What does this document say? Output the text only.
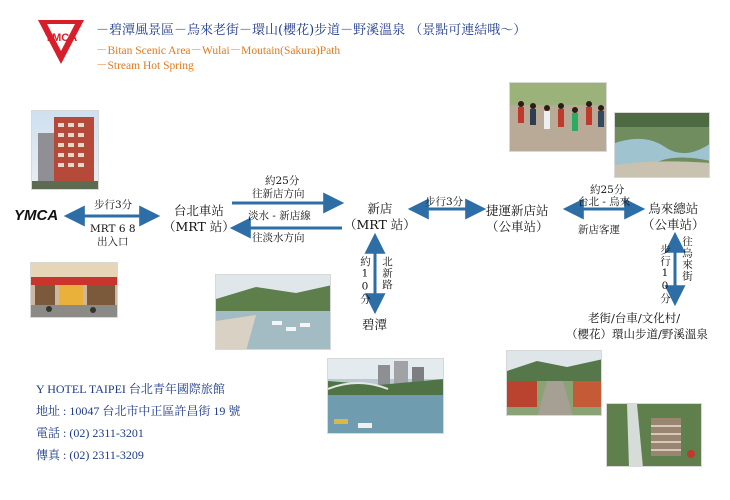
YMCA －碧潭風景區－烏來老街－環山(櫻花)步道－野溪溫泉 （景點可連結哦～）
－Bitan Scenic Area－Wulai－Moutain(Sakura)Path
－Stream Hot Spring
YMCA	台北車站
（MRT 站）
新店
（MRT 站）
捷運新店站
（公車站）
烏來總站
（公車站）
碧潭
步行3分
MRT 6 8
出入口
約25分
往新店方向
淡水 - 新店線
往淡水方向
步行3分
約25分
台北 - 烏來
新店客運
約10分 北新路	步行10分 往烏來街
老街/台車/文化村/
（櫻花）環山步道/野溪溫泉
Y HOTEL TAIPEI 台北青年國際旅館
地址 : 10047 台北市中正區許昌街 19 號
電話 : (02) 2311-3201
傳真 : (02) 2311-3209
